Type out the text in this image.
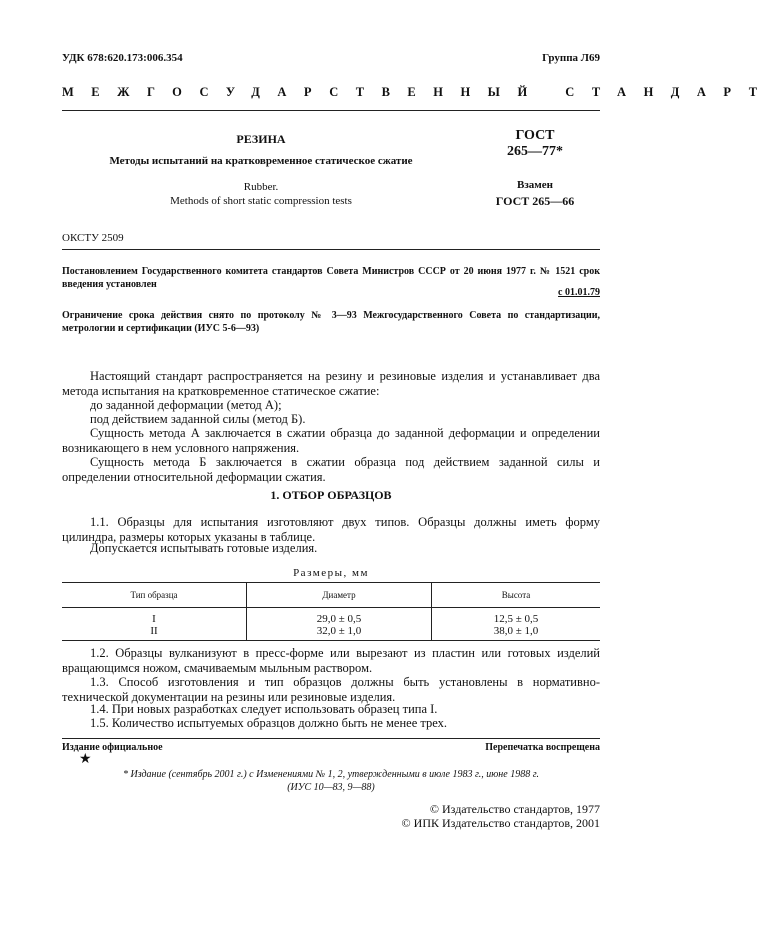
УДК 678:620.173:006.354	Группа Л69
МЕЖГОСУДАРСТВЕННЫЙ СТАНДАРТ
РЕЗИНА
Методы испытаний на кратковременное статическое сжатие
Rubber.
Methods of short static compression tests
ГОСТ
265—77*
Взамен
ГОСТ 265—66
ОКСТУ 2509
Постановлением Государственного комитета стандартов Совета Министров СССР от 20 июня 1977 г. № 1521 срок введения установлен
с 01.01.79
Ограничение срока действия снято по протоколу № 3—93 Межгосударственного Совета по стандартизации, метрологии и сертификации (ИУС 5-6—93)
Настоящий стандарт распространяется на резину и резиновые изделия и устанавливает два метода испытания на кратковременное статическое сжатие:
до заданной деформации (метод А);
под действием заданной силы (метод Б).
Сущность метода А заключается в сжатии образца до заданной деформации и определении возникающего в нем условного напряжения.
Сущность метода Б заключается в сжатии образца под действием заданной силы и определении относительной деформации сжатия.
1. ОТБОР ОБРАЗЦОВ
1.1. Образцы для испытания изготовляют двух типов. Образцы должны иметь форму цилиндра, размеры которых указаны в таблице.
Допускается испытывать готовые изделия.
Размеры, мм
Тип образца	Диаметр	Высота
I	29,0 ± 0,5	12,5 ± 0,5
II	32,0 ± 1,0	38,0 ± 1,0
1.2. Образцы вулканизуют в пресс-форме или вырезают из пластин или готовых изделий вращающимся ножом, смачиваемым мыльным раствором.
1.3. Способ изготовления и тип образцов должны быть установлены в нормативно-технической документации на резины или резиновые изделия.
1.4. При новых разработках следует использовать образец типа I.
1.5. Количество испытуемых образцов должно быть не менее трех.
Издание официальное	Перепечатка воспрещена
★
* Издание (сентябрь 2001 г.) с Изменениями № 1, 2, утвержденными в июле 1983 г., июне 1988 г.
(ИУС 10—83, 9—88)
© Издательство стандартов, 1977
© ИПК Издательство стандартов, 2001
